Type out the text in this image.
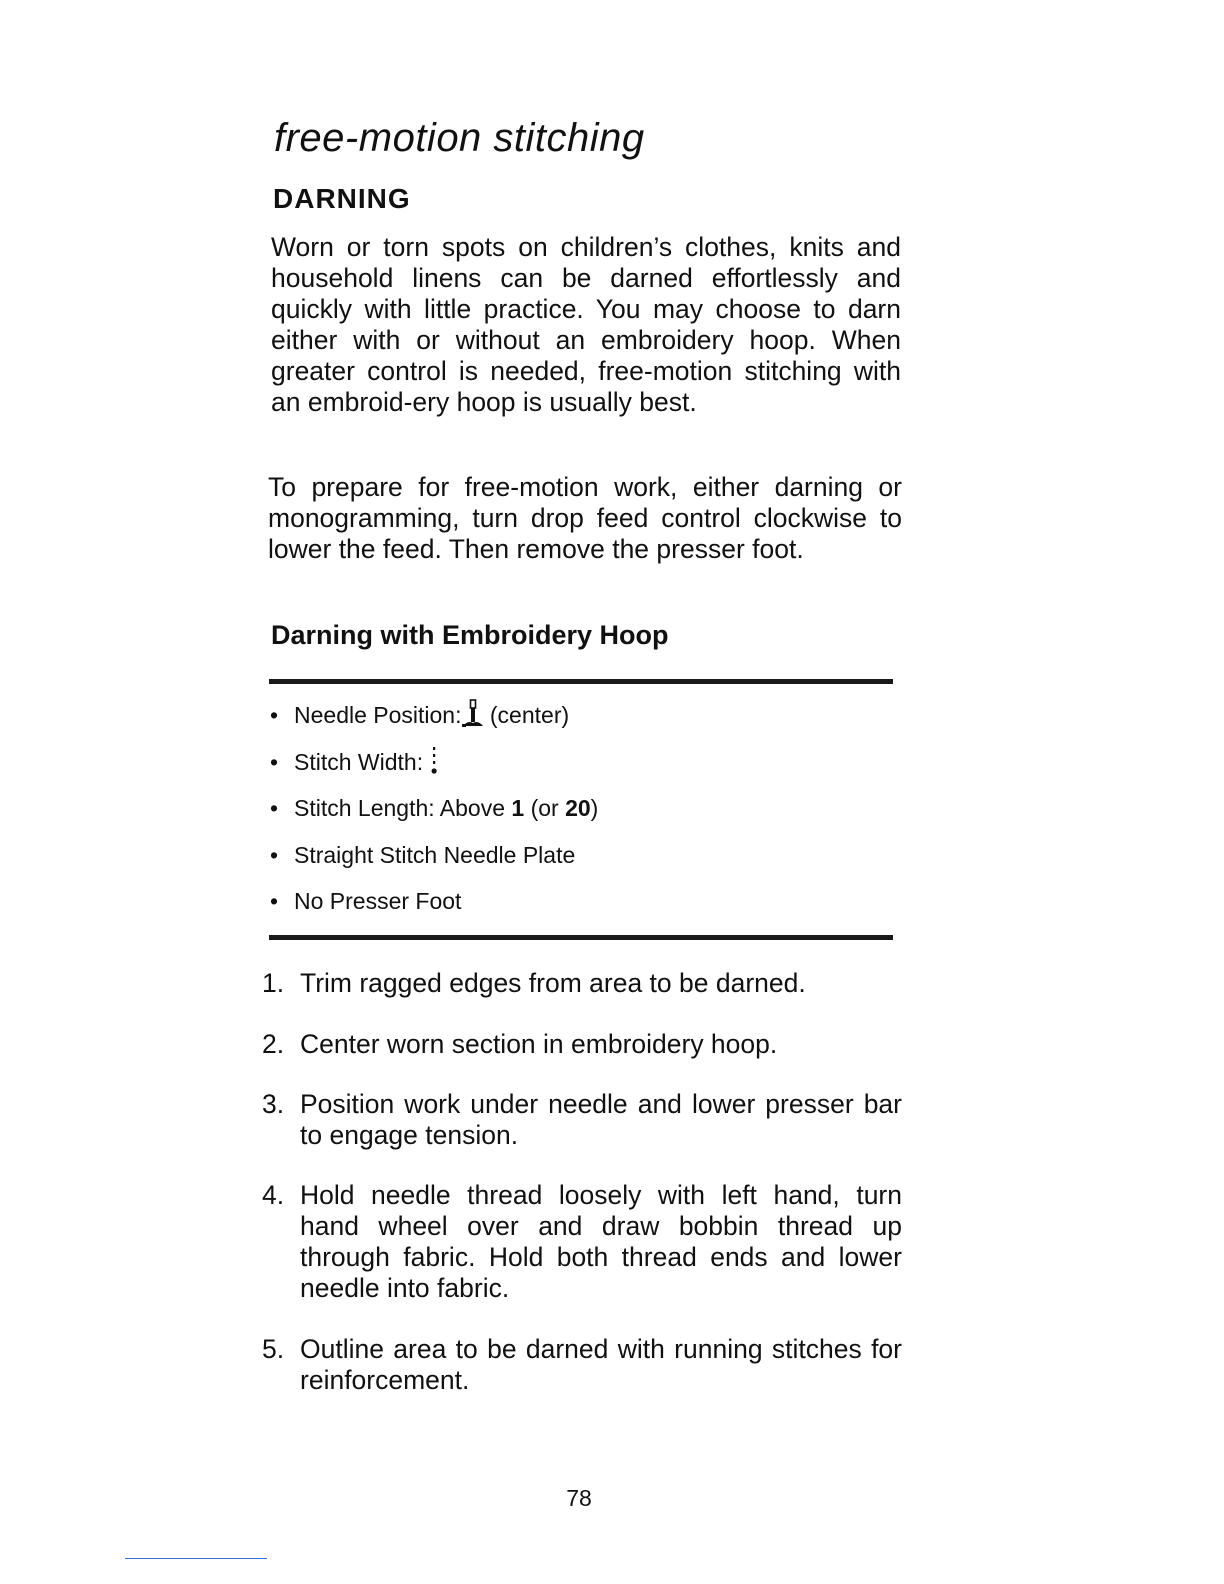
free-motion stitching
DARNING

Worn or torn spots on children’s clothes, knits and household linens can be darned effortlessly and quickly with little practice. You may choose to darn either with or without an embroidery hoop. When greater control is needed, free-motion stitching with an embroid-ery hoop is usually best.

To prepare for free-motion work, either darning or monogramming, turn drop feed control clockwise to lower the feed. Then remove the presser foot.

Darning with Embroidery Hoop
• Needle Position: (center)
• Stitch Width:
• Stitch Length: Above 1 (or 20)
• Straight Stitch Needle Plate
• No Presser Foot
1. Trim ragged edges from area to be darned.
2. Center worn section in embroidery hoop.
3. Position work under needle and lower presser bar to engage tension.
4. Hold needle thread loosely with left hand, turn hand wheel over and draw bobbin thread up through fabric. Hold both thread ends and lower needle into fabric.
5. Outline area to be darned with running stitches for reinforcement.
78
